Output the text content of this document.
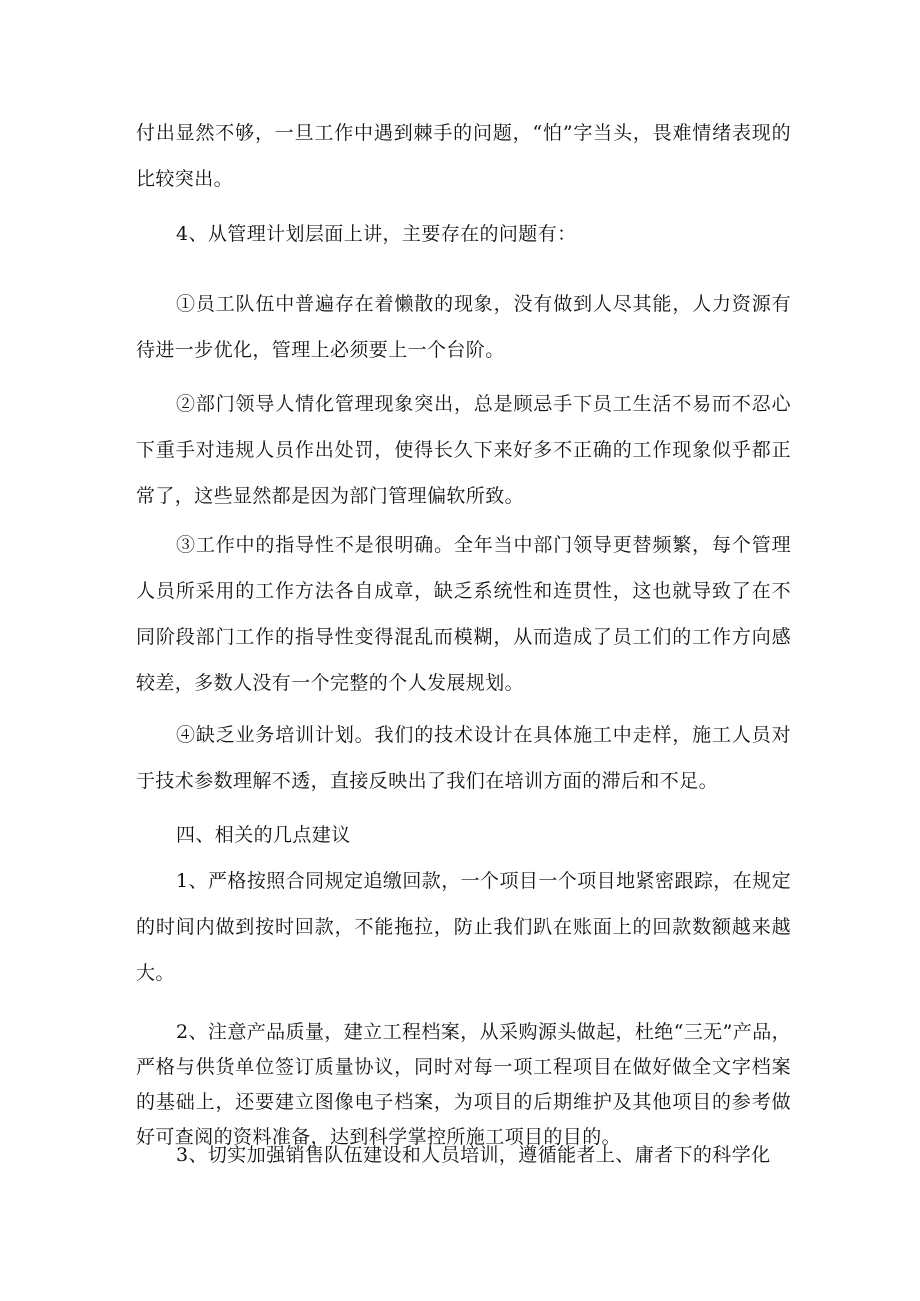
付出显然不够，一旦工作中遇到棘手的问题，“怕”字当头，畏难情绪表现的比较突出。

4、从管理计划层面上讲，主要存在的问题有：

①员工队伍中普遍存在着懒散的现象，没有做到人尽其能，人力资源有待进一步优化，管理上必须要上一个台阶。

②部门领导人情化管理现象突出，总是顾忌手下员工生活不易而不忍心下重手对违规人员作出处罚，使得长久下来好多不正确的工作现象似乎都正常了，这些显然都是因为部门管理偏软所致。

③工作中的指导性不是很明确。全年当中部门领导更替频繁，每个管理人员所采用的工作方法各自成章，缺乏系统性和连贯性，这也就导致了在不同阶段部门工作的指导性变得混乱而模糊，从而造成了员工们的工作方向感较差，多数人没有一个完整的个人发展规划。

④缺乏业务培训计划。我们的技术设计在具体施工中走样，施工人员对于技术参数理解不透，直接反映出了我们在培训方面的滞后和不足。

四、相关的几点建议

1、严格按照合同规定追缴回款，一个项目一个项目地紧密跟踪，在规定的时间内做到按时回款，不能拖拉，防止我们趴在账面上的回款数额越来越大。

2、注意产品质量，建立工程档案，从采购源头做起，杜绝“三无”产品，严格与供货单位签订质量协议，同时对每一项工程项目在做好做全文字档案的基础上，还要建立图像电子档案，为项目的后期维护及其他项目的参考做好可查阅的资料准备，达到科学掌控所施工项目的目的。

3、切实加强销售队伍建设和人员培训，遵循能者上、庸者下的科学化
